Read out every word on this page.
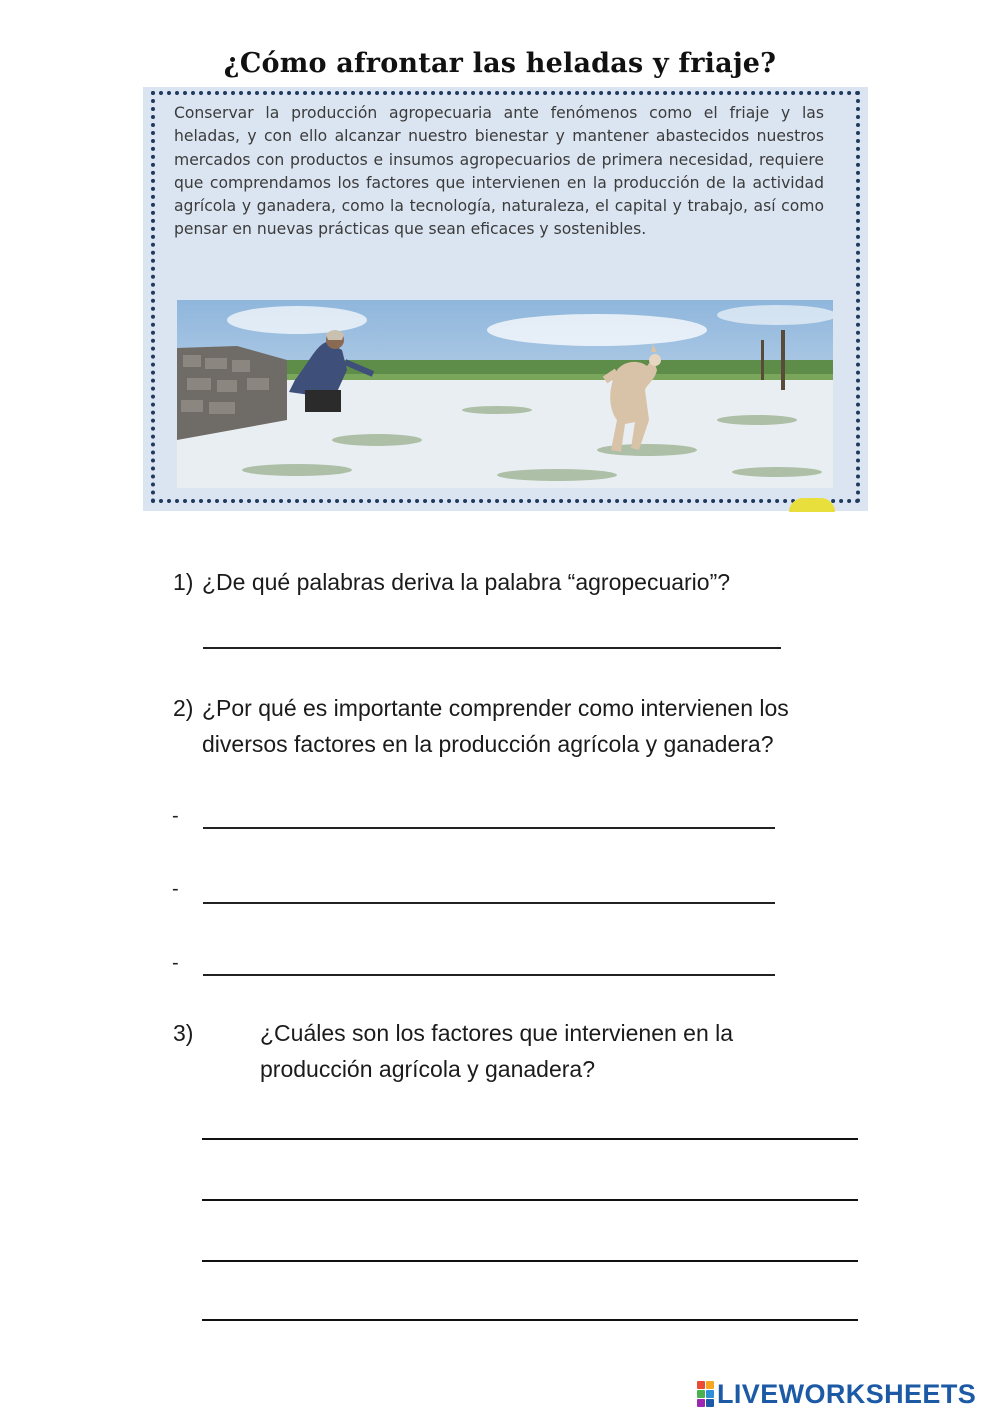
¿Cómo afrontar las heladas y friaje?

Conservar la producción agropecuaria ante fenómenos como el friaje y las heladas, y con ello alcanzar nuestro bienestar y mantener abastecidos nuestros mercados con productos e insumos agropecuarios de primera necesidad, requiere que comprendamos los factores que intervienen en la producción de la actividad agrícola y ganadera, como la tecnología, naturaleza, el capital y trabajo, así como pensar en nuevas prácticas que sean eficaces y sostenibles.

1) ¿De qué palabras deriva la palabra “agropecuario”?
2) ¿Por qué es importante comprender como intervienen los
diversos factores en la producción agrícola y ganadera?
-
-
-
3)	¿Cuáles son los factores que intervienen en la
producción agrícola y ganadera?
LIVEWORKSHEETS
